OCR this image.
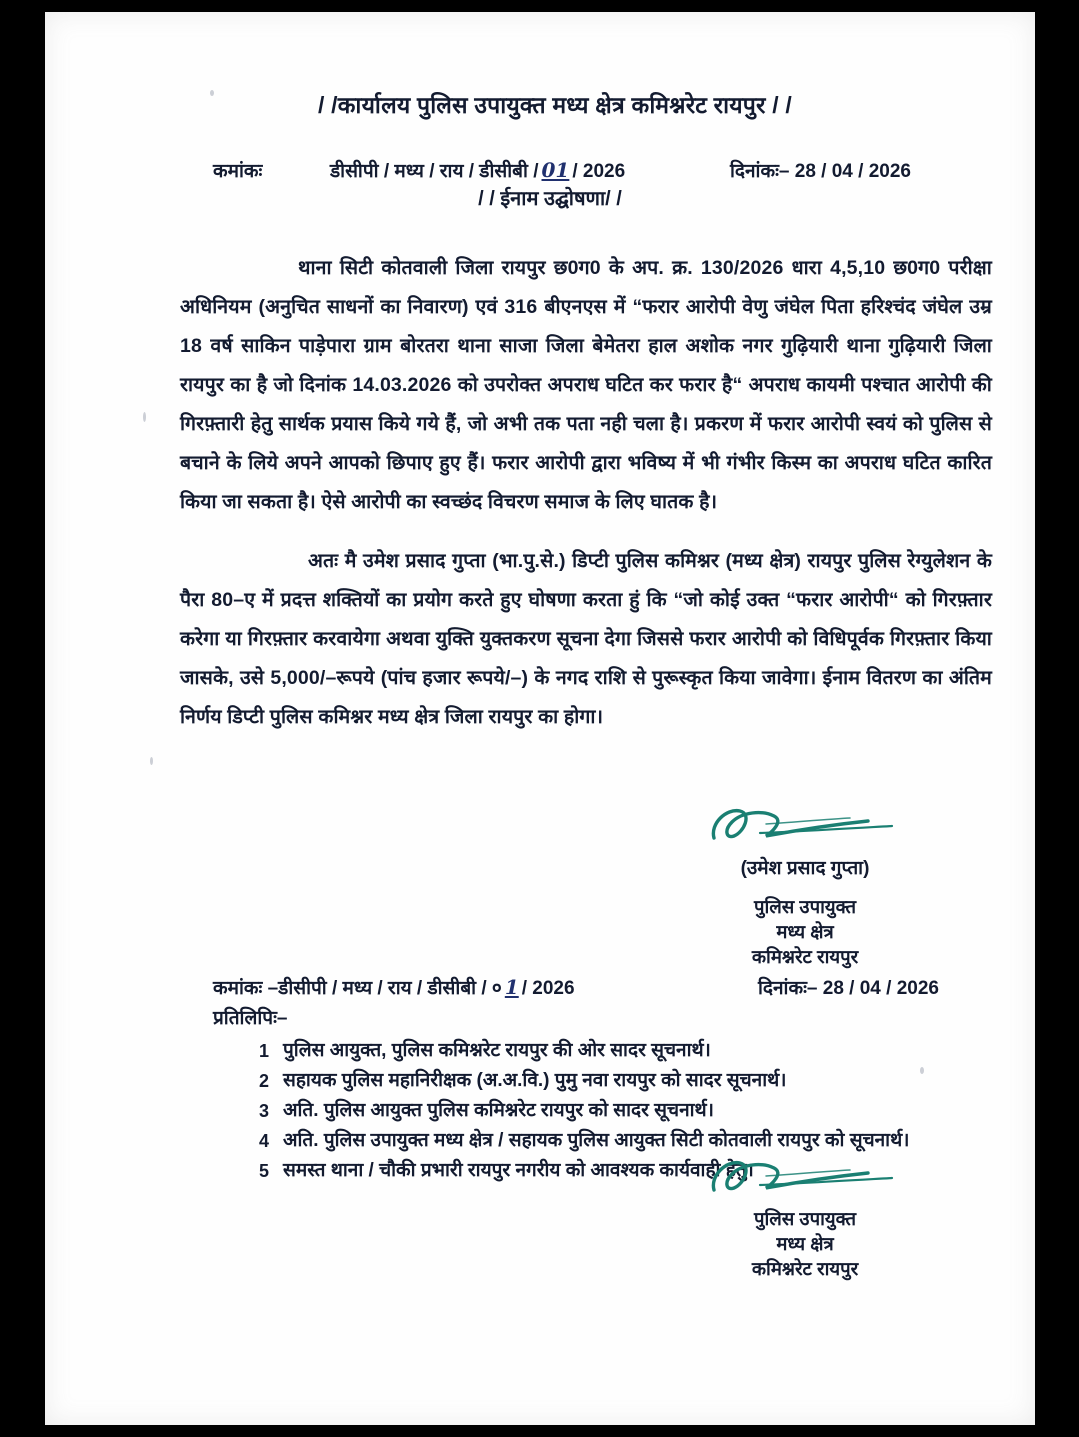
/ /कार्यालय पुलिस उपायुक्त मध्य क्षेत्र कमिश्नरेट रायपुर / /
कमांकः	डीसीपी / मध्य / राय / डीसीबी / 01 / 2026	दिनांकः– 28 / 04 / 2026
/ / ईनाम उद्घोषणा/ /

थाना सिटी कोतवाली जिला रायपुर छ0ग0 के अप. क्र. 130/2026 धारा 4,5,10 छ0ग0 परीक्षा अधिनियम (अनुचित साधनों का निवारण) एवं 316 बीएनएस में “फरार आरोपी वेणु जंघेल पिता हरिश्चंद जंघेल उम्र 18 वर्ष साकिन पाड़ेपारा ग्राम बोरतरा थाना साजा जिला बेमेतरा हाल अशोक नगर गुढ़ियारी थाना गुढ़ियारी जिला रायपुर का है जो दिनांक 14.03.2026 को उपरोक्त अपराध घटित कर फरार है“ अपराध कायमी पश्चात आरोपी की गिरफ़्तारी हेतु सार्थक प्रयास किये गये हैं, जो अभी तक पता नही चला है। प्रकरण में फरार आरोपी स्वयं को पुलिस से बचाने के लिये अपने आपको छिपाए हुए हैं। फरार आरोपी द्वारा भविष्य में भी गंभीर किस्म का अपराध घटित कारित किया जा सकता है। ऐसे आरोपी का स्वच्छंद विचरण समाज के लिए घातक है।

अतः मै उमेश प्रसाद गुप्ता (भा.पु.से.) डिप्टी पुलिस कमिश्नर (मध्य क्षेत्र) रायपुर पुलिस रेग्युलेशन के पैरा 80–ए में प्रदत्त शक्तियों का प्रयोग करते हुए घोषणा करता हुं कि “जो कोई उक्त “फरार आरोपी“ को गिरफ़्तार करेगा या गिरफ़्तार करवायेगा अथवा युक्ति युक्तकरण सूचना देगा जिससे फरार आरोपी को विधिपूर्वक गिरफ़्तार किया जासके, उसे 5,000/–रूपये (पांच हजार रूपये/–) के नगद राशि से पुरूस्कृत किया जावेगा। ईनाम वितरण का अंतिम निर्णय डिप्टी पुलिस कमिश्नर मध्य क्षेत्र जिला रायपुर का होगा।

(उमेश प्रसाद गुप्ता)
पुलिस उपायुक्त
मध्य क्षेत्र
कमिश्नरेट रायपुर
कमांकः –डीसीपी / मध्य / राय / डीसीबी / ० 1 / 2026	दिनांकः– 28 / 04 / 2026
प्रतिलिपिः–
पुलिस आयुक्त, पुलिस कमिश्नरेट रायपुर की ओर सादर सूचनार्थ।
सहायक पुलिस महानिरीक्षक (अ.अ.वि.) पुमु नवा रायपुर को सादर सूचनार्थ।
अति. पुलिस आयुक्त पुलिस कमिश्नरेट रायपुर को सादर सूचनार्थ।
अति. पुलिस उपायुक्त मध्य क्षेत्र / सहायक पुलिस आयुक्त सिटी कोतवाली रायपुर को सूचनार्थ।
समस्त थाना / चौकी प्रभारी रायपुर नगरीय को आवश्यक कार्यवाही हेतु।
पुलिस उपायुक्त
मध्य क्षेत्र
कमिश्नरेट रायपुर
